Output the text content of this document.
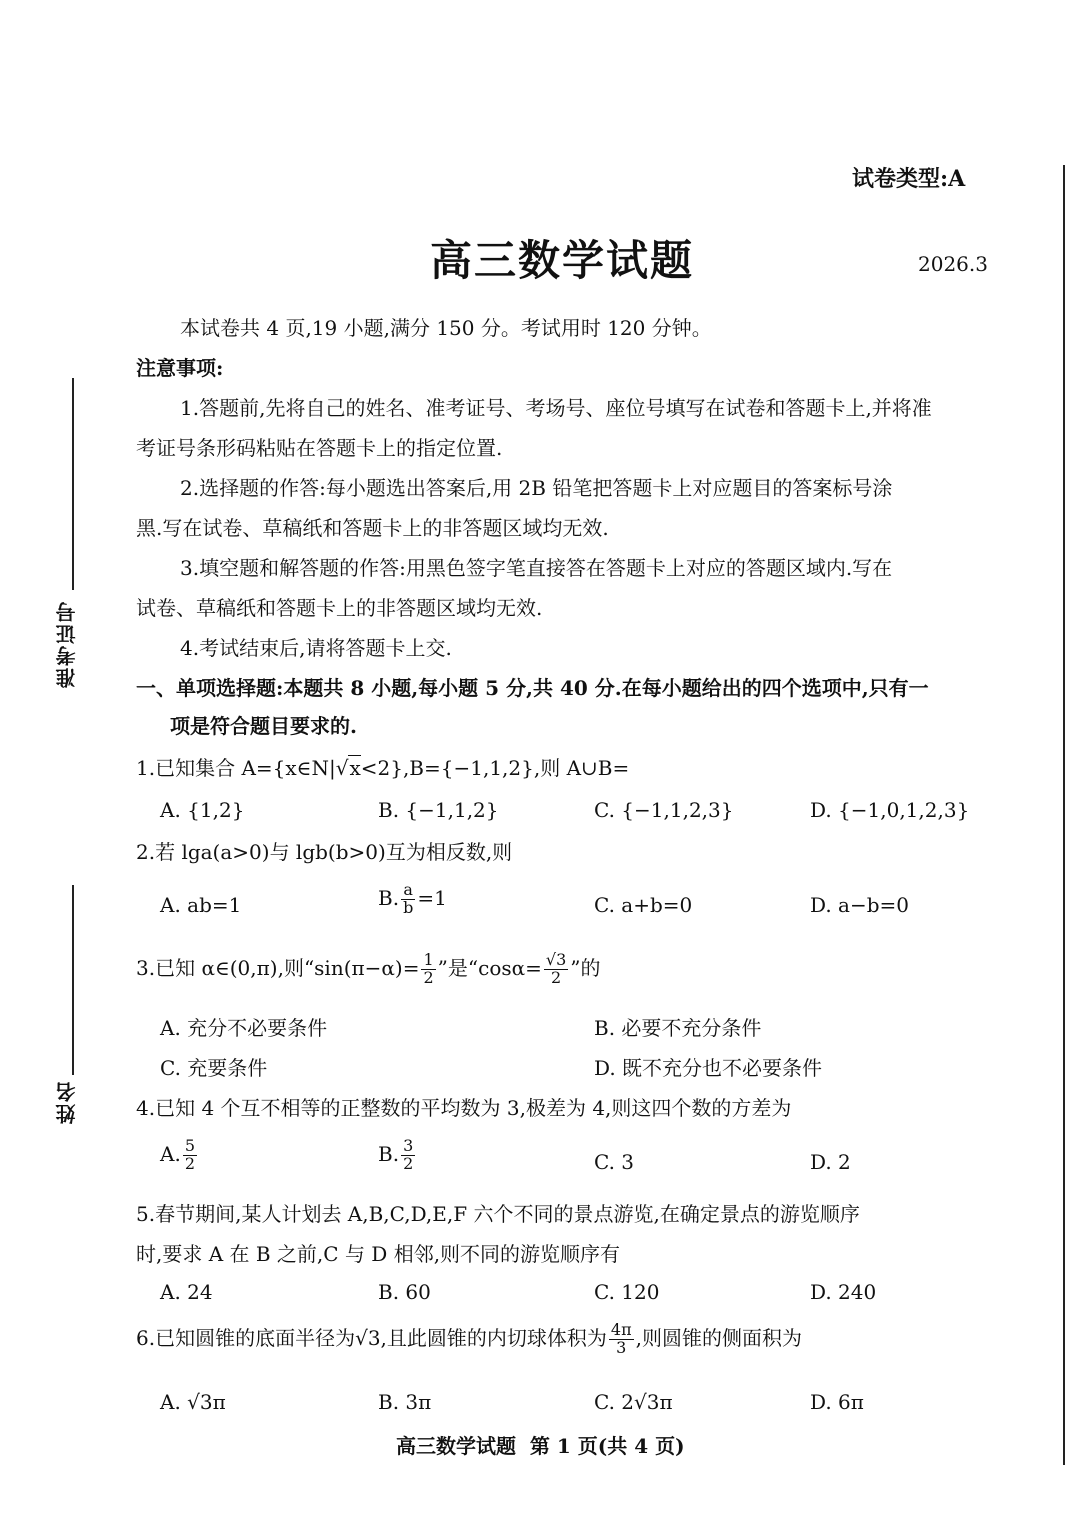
准考证号
姓名
试卷类型:A
高三数学试题	2026.3
本试卷共 4 页,19 小题,满分 150 分。考试用时 120 分钟。
注意事项:
1.答题前,先将自己的姓名、准考证号、考场号、座位号填写在试卷和答题卡上,并将准
考证号条形码粘贴在答题卡上的指定位置.
2.选择题的作答:每小题选出答案后,用 2B 铅笔把答题卡上对应题目的答案标号涂
黑.写在试卷、草稿纸和答题卡上的非答题区域均无效.
3.填空题和解答题的作答:用黑色签字笔直接答在答题卡上对应的答题区域内.写在
试卷、草稿纸和答题卡上的非答题区域均无效.
4.考试结束后,请将答题卡上交.
一、单项选择题:本题共 8 小题,每小题 5 分,共 40 分.在每小题给出的四个选项中,只有一
项是符合题目要求的.
1.已知集合 A={x∈N|√x<2},B={−1,1,2},则 A∪B=
A. {1,2}	B. {−1,1,2}	C. {−1,1,2,3}	D. {−1,0,1,2,3}
2.若 lga(a>0)与 lgb(b>0)互为相反数,则
A. ab=1	B. $\frac{a}{b} =1$	C. a+b=0	D. a−b=0
3.已知 α∈(0,π),则“$\sin(\pi-\alpha)= \frac{1}{2}$ ”是“$\cos\alpha= \frac{√3}{2}$ ”的
A. 充分不必要条件	B. 必要不充分条件
C. 充要条件	D. 既不充分也不必要条件
4.已知 4 个互不相等的正整数的平均数为 3,极差为 4,则这四个数的方差为
A. $\frac{5}{2}$	B. $\frac{3}{2}$	C. 3	D. 2
5.春节期间,某人计划去 A,B,C,D,E,F 六个不同的景点游览,在确定景点的游览顺序
时,要求 A 在 B 之前,C 与 D 相邻,则不同的游览顺序有
A. 24	B. 60	C. 120	D. 240
6.已知圆锥的底面半径为√3,且此圆锥的内切球体积为 $\frac{4\pi}{3}$ ,则圆锥的侧面积为
A. √3π	B. 3π	C. 2√3π	D. 6π
高三数学试题  第 1 页(共 4 页)
